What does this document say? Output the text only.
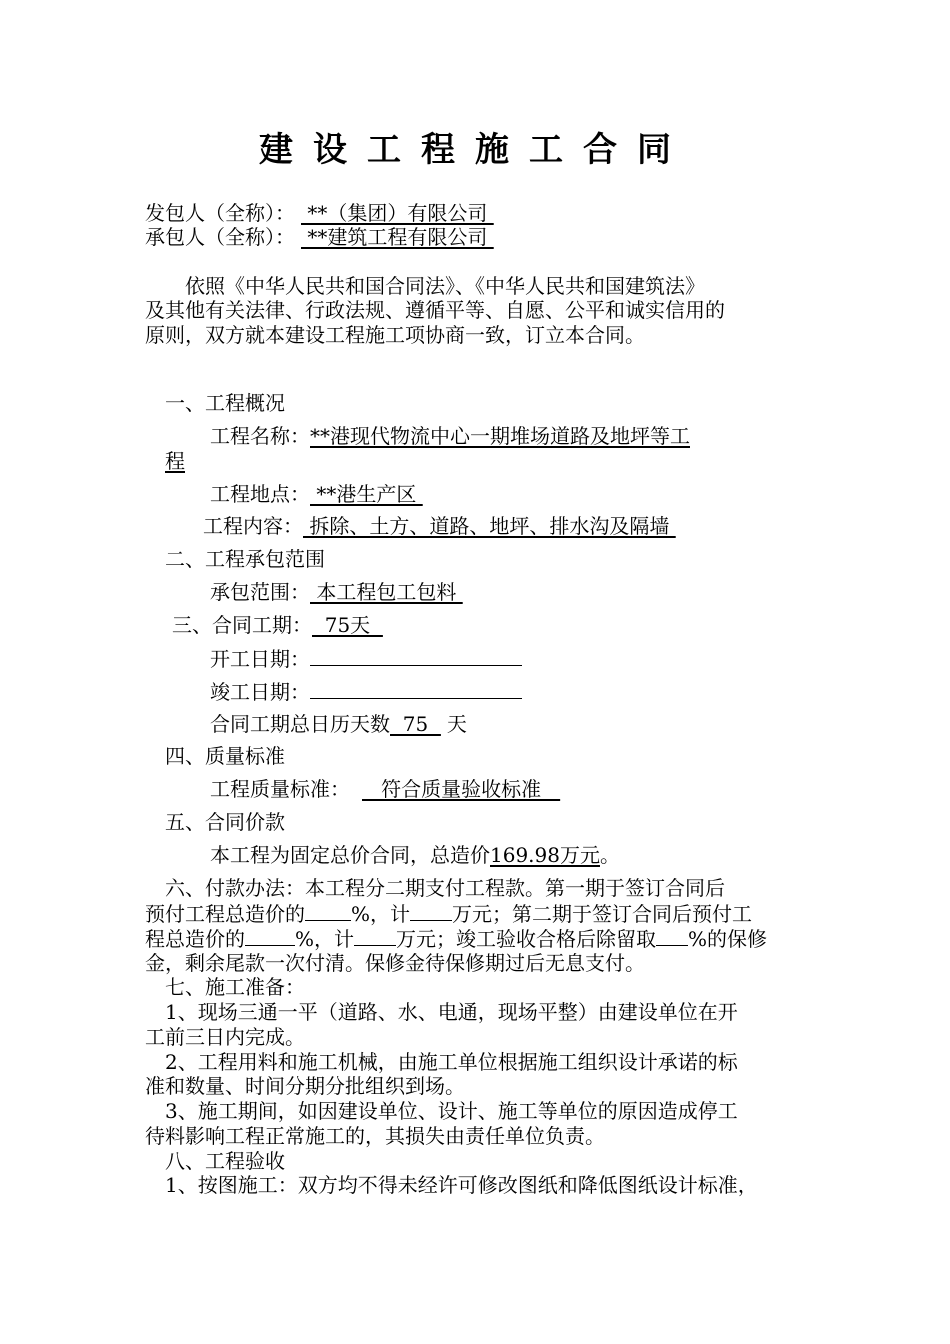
建设工程施工合同
发包人（全称）： **（集团）有限公司
承包人（全称）： **建筑工程有限公司
依照《中华人民共和国合同法》、《中华人民共和国建筑法》
及其他有关法律、行政法规、遵循平等、自愿、公平和诚实信用的
原则，双方就本建设工程施工项协商一致，订立本合同。
一、工程概况
工程名称：**港现代物流中心一期堆场道路及地坪等工
程
工程地点： **港生产区
工程内容： 拆除、土方、道路、地坪、排水沟及隔墙
二、工程承包范围
承包范围： 本工程包工包料
三、合同工期：  75天
开工日期：
竣工日期：
合同工期总日历天数  75  天
四、质量标准
工程质量标准：   符合质量验收标准
五、合同价款
本工程为固定总价合同，总造价169.98万元。
六、付款办法：本工程分二期支付工程款。第一期于签订合同后
预付工程总造价的 %，计 万元；第二期于签订合同后预付工
程总造价的	%，计 万元；竣工验收合格后除留取 %的保修
金，剩余尾款一次付清。保修金待保修期过后无息支付。
七、施工准备：
1、现场三通一平（道路、水、电通，现场平整）由建设单位在开
工前三日内完成。
2、工程用料和施工机械，由施工单位根据施工组织设计承诺的标
准和数量、时间分期分批组织到场。
3、施工期间，如因建设单位、设计、施工等单位的原因造成停工
待料影响工程正常施工的，其损失由责任单位负责。
八、工程验收
1、按图施工：双方均不得未经许可修改图纸和降低图纸设计标准，
